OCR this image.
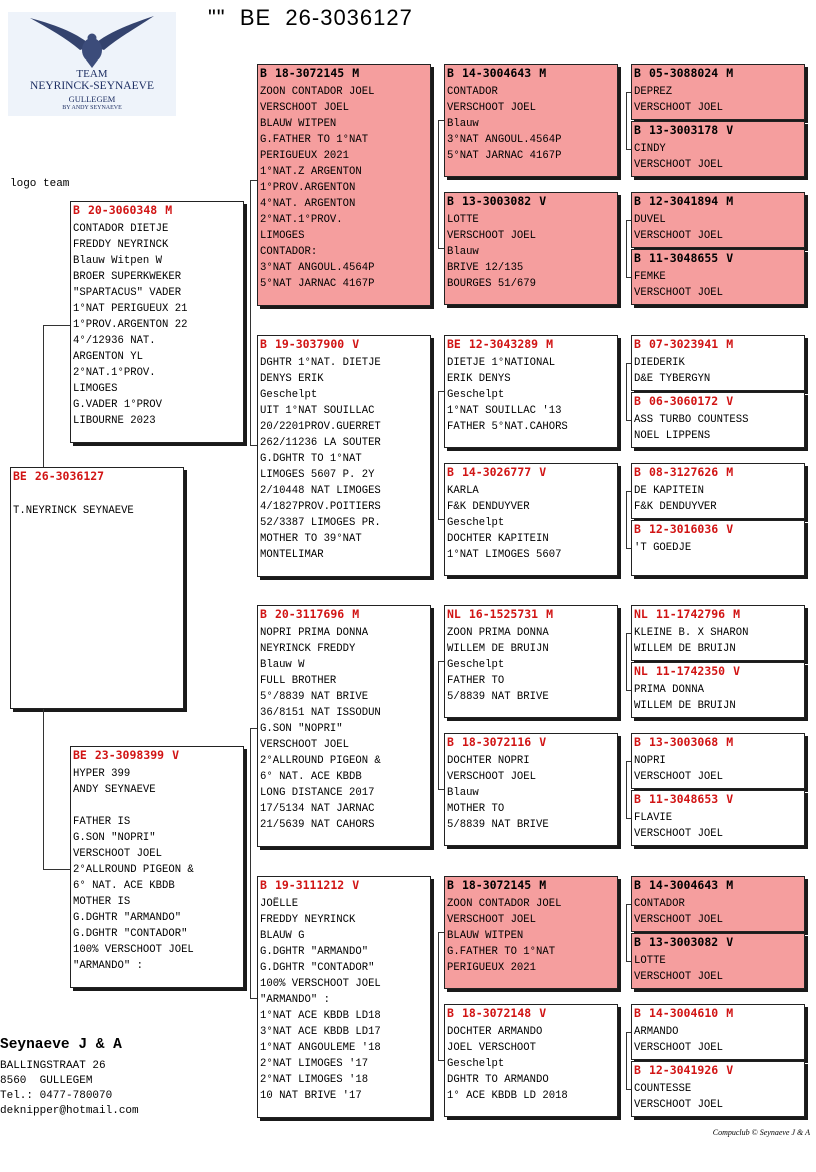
""  BE  26-3036127
TEAM
NEYRINCK-SEYNAEVE
GULLEGEM
BY ANDY SEYNAEVE
logo team
BE 26-3036127

T.NEYRINCK SEYNAEVE
B 20-3060348 M
CONTADOR DIETJE
FREDDY NEYRINCK
Blauw Witpen W
BROER SUPERKWEKER
"SPARTACUS" VADER
1°NAT PERIGUEUX 21
1°PROV.ARGENTON 22
4°/12936 NAT.
ARGENTON YL
2°NAT.1°PROV.
LIMOGES
G.VADER 1°PROV
LIBOURNE 2023
BE 23-3098399 V
HYPER 399
ANDY SEYNAEVE

FATHER IS
G.SON "NOPRI"
VERSCHOOT JOEL
2°ALLROUND PIGEON &
6° NAT. ACE KBDB
MOTHER IS
G.DGHTR "ARMANDO"
G.DGHTR "CONTADOR"
100% VERSCHOOT JOEL
"ARMANDO" :
B 18-3072145 M
ZOON CONTADOR JOEL
VERSCHOOT JOEL
BLAUW WITPEN
G.FATHER TO 1°NAT
PERIGUEUX 2021
1°NAT.Z ARGENTON
1°PROV.ARGENTON
4°NAT. ARGENTON
2°NAT.1°PROV.
LIMOGES
CONTADOR:
3°NAT ANGOUL.4564P
5°NAT JARNAC 4167P
B 19-3037900 V
DGHTR 1°NAT. DIETJE
DENYS ERIK
Geschelpt
UIT 1°NAT SOUILLAC
20/2201PROV.GUERRET
262/11236 LA SOUTER
G.DGHTR TO 1°NAT
LIMOGES 5607 P. 2Y
2/10448 NAT LIMOGES
4/1827PROV.POITIERS
52/3387 LIMOGES PR.
MOTHER TO 39°NAT
MONTELIMAR
B 20-3117696 M
NOPRI PRIMA DONNA
NEYRINCK FREDDY
Blauw W
FULL BROTHER
5°/8839 NAT BRIVE
36/8151 NAT ISSODUN
G.SON "NOPRI"
VERSCHOOT JOEL
2°ALLROUND PIGEON &
6° NAT. ACE KBDB
LONG DISTANCE 2017
17/5134 NAT JARNAC
21/5639 NAT CAHORS
B 19-3111212 V
JOËLLE
FREDDY NEYRINCK
BLAUW G
G.DGHTR "ARMANDO"
G.DGHTR "CONTADOR"
100% VERSCHOOT JOEL
"ARMANDO" :
1°NAT ACE KBDB LD18
3°NAT ACE KBDB LD17
1°NAT ANGOULEME '18
2°NAT LIMOGES '17
2°NAT LIMOGES '18
10 NAT BRIVE '17
B 14-3004643 M
CONTADOR
VERSCHOOT JOEL
Blauw
3°NAT ANGOUL.4564P
5°NAT JARNAC 4167P
B 13-3003082 V
LOTTE
VERSCHOOT JOEL
Blauw
BRIVE 12/135
BOURGES 51/679
BE 12-3043289 M
DIETJE 1°NATIONAL
ERIK DENYS
Geschelpt
1°NAT SOUILLAC '13
FATHER 5°NAT.CAHORS
B 14-3026777 V
KARLA
F&K DENDUYVER
Geschelpt
DOCHTER KAPITEIN
1°NAT LIMOGES 5607
NL 16-1525731 M
ZOON PRIMA DONNA
WILLEM DE BRUIJN
Geschelpt
FATHER TO
5/8839 NAT BRIVE
B 18-3072116 V
DOCHTER NOPRI
VERSCHOOT JOEL
Blauw
MOTHER TO
5/8839 NAT BRIVE
B 18-3072145 M
ZOON CONTADOR JOEL
VERSCHOOT JOEL
BLAUW WITPEN
G.FATHER TO 1°NAT
PERIGUEUX 2021
B 18-3072148 V
DOCHTER ARMANDO
JOEL VERSCHOOT
Geschelpt
DGHTR TO ARMANDO
1° ACE KBDB LD 2018
B 05-3088024 M
DEPREZ
VERSCHOOT JOEL
B 13-3003178 V
CINDY
VERSCHOOT JOEL
B 12-3041894 M
DUVEL
VERSCHOOT JOEL
B 11-3048655 V
FEMKE
VERSCHOOT JOEL
B 07-3023941 M
DIEDERIK
D&E TYBERGYN
B 06-3060172 V
ASS TURBO COUNTESS
NOEL LIPPENS
B 08-3127626 M
DE KAPITEIN
F&K DENDUYVER
B 12-3016036 V
'T GOEDJE
NL 11-1742796 M
KLEINE B. X SHARON
WILLEM DE BRUIJN
NL 11-1742350 V
PRIMA DONNA
WILLEM DE BRUIJN
B 13-3003068 M
NOPRI
VERSCHOOT JOEL
B 11-3048653 V
FLAVIE
VERSCHOOT JOEL
B 14-3004643 M
CONTADOR
VERSCHOOT JOEL
B 13-3003082 V
LOTTE
VERSCHOOT JOEL
B 14-3004610 M
ARMANDO
VERSCHOOT JOEL
B 12-3041926 V
COUNTESSE
VERSCHOOT JOEL
Seynaeve J & A
BALLINGSTRAAT 26
8560  GULLEGEM
Tel.: 0477-780070
deknipper@hotmail.com
Compuclub © Seynaeve J & A
